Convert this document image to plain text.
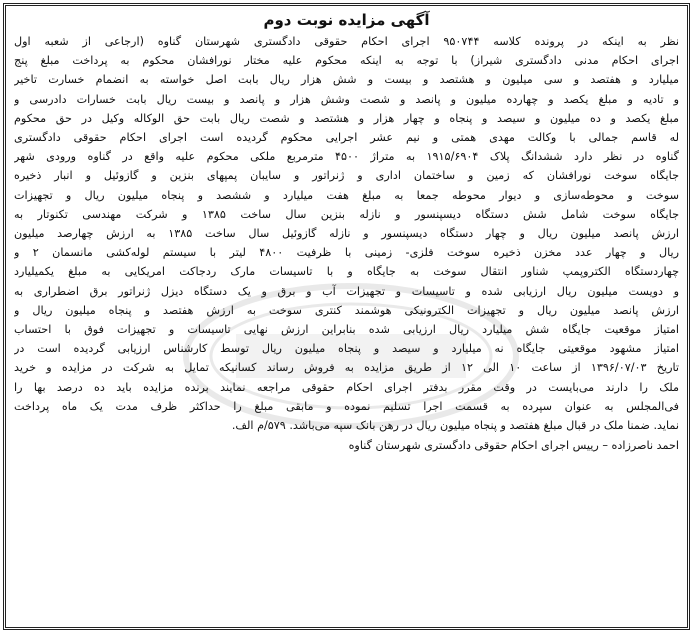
آگهی مزایده نوبت دوم
نظر به اینکه در پرونده کلاسه ۹۵۰۷۴۴ اجرای احکام حقوقی دادگستری شهرستان گناوه (ارجاعی از شعبه اول
اجرای احکام مدنی دادگستری شیراز) با توجه به اینکه محکوم علیه مختار نورافشان محکوم به پرداخت مبلغ پنج
میلیارد و هفتصد و سی میلیون و هشتصد و بیست و شش هزار ریال بابت اصل خواسته به انضمام خسارت تاخیر
و تادیه و مبلغ یکصد و چهارده میلیون و پانصد و شصت وشش هزار و پانصد و بیست ریال بابت خسارات دادرسی و
مبلغ یکصد و ده میلیون و سیصد و پنجاه و چهار هزار و هشتصد و شصت ریال بابت حق الوکاله وکیل در حق محکوم
له قاسم جمالی با وکالت مهدی همتی و نیم عشر اجرایی محکوم گردیده است اجرای احکام حقوقی دادگستری
گناوه در نظر دارد ششدانگ پلاک ۱۹۱۵/۶۹۰۴ به متراژ ۴۵۰۰ مترمربع ملکی محکوم علیه واقع در گناوه ورودی شهر
جایگاه سوخت نورافشان که زمین و ساختمان اداری و ژنراتور و سایبان پمپهای بنزین و گازوئیل و انبار ذخیره
سوخت و محوطه‌سازی و دیوار محوطه جمعا به مبلغ هفت میلیارد و ششصد و پنجاه میلیون ریال و تجهیزات
جایگاه سوخت شامل شش دستگاه دیسپنسور و نازله بنزین سال ساخت ۱۳۸۵ و شرکت مهندسی تکنوتار به
ارزش پانصد میلیون ریال و چهار دستگاه دیسپنسور و نازله گازوئیل سال ساخت ۱۳۸۵ به ارزش چهارصد میلیون
ریال و چهار عدد مخزن ذخیره سوخت فلزی- زمینی با ظرفیت ۴۸۰۰ لیتر با سیستم لوله‌کشی مانسمان ۲ و
چهاردستگاه الکتروپمپ شناور انتقال سوخت به جایگاه و با تاسیسات مارک ردجاکت امریکایی به مبلغ یکمیلیارد
و دویست میلیون ریال ارزیابی شده و تاسیسات و تجهیزات آب و برق و یک دستگاه دیزل ژنراتور برق اضطراری به
ارزش پانصد میلیون ریال و تجهیزات الکترونیکی هوشمند کنتری سوخت به ارزش هفتصد و پنجاه میلیون ریال و
امتیاز موقعیت جایگاه شش میلیارد ریال ارزیابی شده بنابراین ارزش نهایی تاسیسات و تجهیزات فوق با احتساب
امتیاز مشهود موقعیتی جایگاه نه میلیارد و سیصد و پنجاه میلیون ریال توسط کارشناس ارزیابی گردیده است در
تاریخ ۱۳۹۶/۰۷/۰۳ از ساعت ۱۰ الی ۱۲ از طریق مزایده به فروش رساند کسانیکه تمایل به شرکت در مزایده و خرید
ملک را دارند می‌بایست در وقت مقرر بدفتر اجرای احکام حقوقی مراجعه نمایند برنده مزایده باید ده درصد بها را
فی‌المجلس به عنوان سپرده به قسمت اجرا تسلیم نموده و مابقی مبلغ را حداکثر ظرف مدت یک ماه پرداخت
نماید. ضمنا ملک در قبال مبلغ هفتصد و پنجاه میلیون ریال در رهن بانک سپه می‌باشد. ۵۷۹/م الف.
احمد ناصرزاده – رییس اجرای احکام حقوقی دادگستری شهرستان گناوه
